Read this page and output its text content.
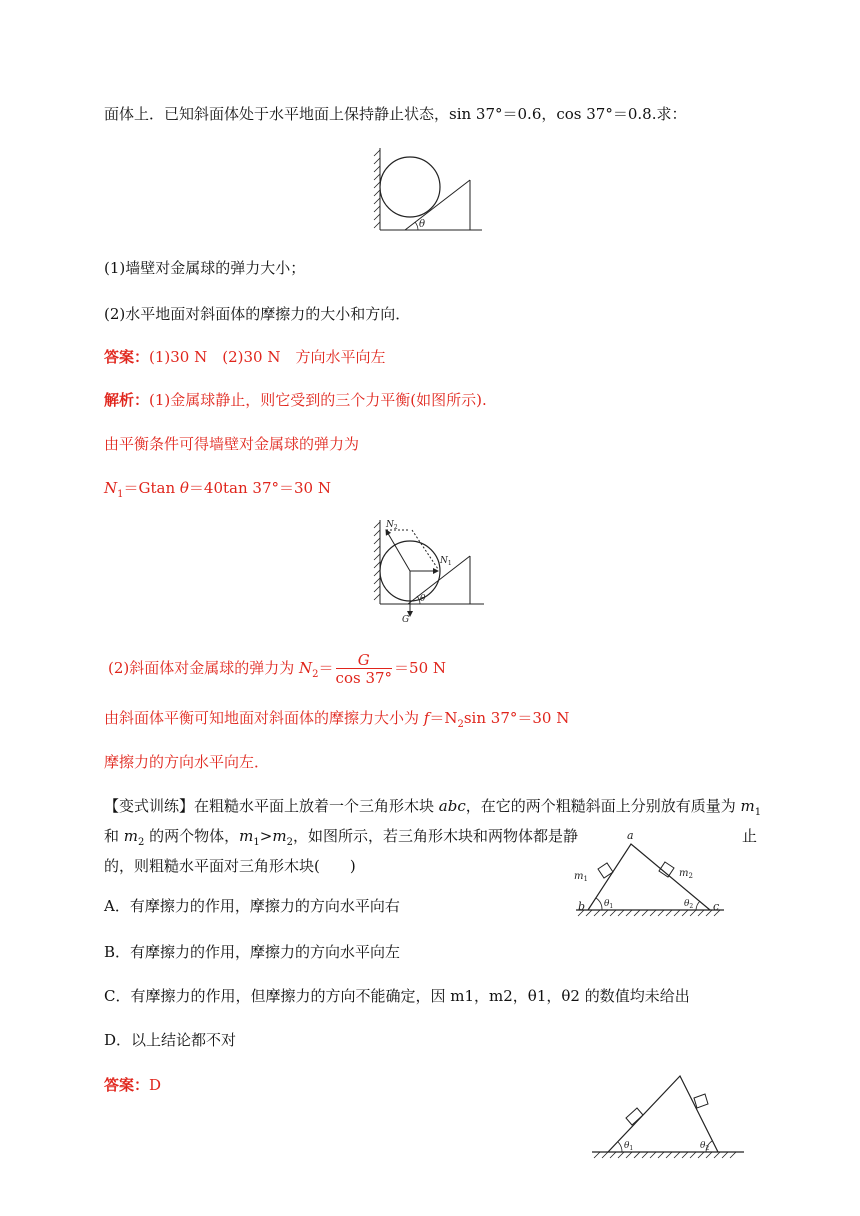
面体上．已知斜面体处于水平地面上保持静止状态，sin 37°＝0.6，cos 37°＝0.8.求：
θ
(1)墙壁对金属球的弹力大小；
(2)水平地面对斜面体的摩擦力的大小和方向．
答案：(1)30 N　(2)30 N　方向水平向左
解析：(1)金属球静止，则它受到的三个力平衡(如图所示).
由平衡条件可得墙壁对金属球的弹力为
$N_1=Gtan$ θ＝40tan 37°＝30 N
$N_2$
$N_1$
θ
G
(2)斜面体对金属球的弹力为 $N_2= \frac{G}{\cos 37^\circ} =50$ N
由斜面体平衡可知地面对斜面体的摩擦力大小为 $f=N_2\sin$ 37°＝30 N
摩擦力的方向水平向左．
【变式训练】在粗糙水平面上放着一个三角形木块 abc，在它的两个粗糙斜面上分别放有质量为 $m_1$
和 $m_2$ 的两个物体，$m_1>m_2$，如图所示，若三角形木块和两物体都是静	止
的，则粗糙水平面对三角形木块(　　)
a
b	c
$m_1$	$m_2$
$\theta_1$	$\theta_2$
A．有摩擦力的作用，摩擦力的方向水平向右
B．有摩擦力的作用，摩擦力的方向水平向左
C．有摩擦力的作用，但摩擦力的方向不能确定，因 m1，m2，θ1，θ2 的数值均未给出
D．以上结论都不对
答案：D
$\theta_1$	$\theta_2$
